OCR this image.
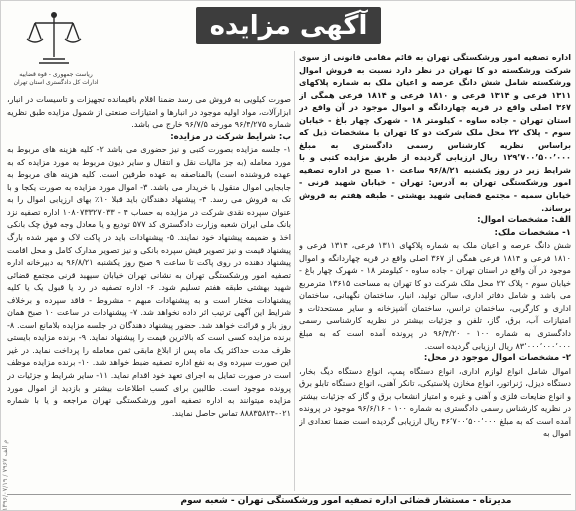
ریاست جمهوری - قوه قضاییه ادارات کل دادگستری استان تهران
آگهی مزایده

اداره تصفیه امور ورشکستگی تهران به قائم مقامی قانونی از سوی شرکت ورشکسته دو کا تهران در نظر دارد نسبت به فروش اموال ورشکسته شامل شش دانگ عرصه و اعیان ملک به شماره پلاکهای ۱۳۱۱ فرعی و ۱۳۱۴ فرعی و ۱۸۱۰ فرعی و ۱۸۱۴ فرعی همگی از ۳۶۷ اصلی واقع در قریه چهاردانگه و اموال موجود در آن واقع در استان تهران - جاده ساوه - کیلومتر ۱۸ - شهرک چهار باغ - خیابان سوم - پلاک ۲۲ محل ملک شرکت دو کا تهران با مشخصات ذیل که براساس نظریه کارشناس رسمی دادگستری به مبلغ ۱۲۹٬۷۰۰٬۵۰۰٬۰۰۰ ریال ارزیابی گردیده از طریق مزایده کتبی و با شرایط زیر در روز یکشنبه ۹۶/۸/۲۱ ساعت ۱۰ صبح در اداره تصفیه امور ورشکستگی تهران به آدرس: تهران - خیابان شهید قرنی - خیابان سمیه - مجتمع قضایی شهید بهشتی - طبقه هفتم به فروش برساند.

الف: مشخصات اموال:

۱- مشخصات ملک:

شش دانگ عرصه و اعیان ملک به شماره پلاکهای ۱۳۱۱ فرعی، ۱۳۱۴ فرعی و ۱۸۱۰ فرعی و ۱۸۱۴ فرعی همگی از ۳۶۷ اصلی واقع در قریه چهاردانگه و اموال موجود در آن واقع در استان تهران - جاده ساوه - کیلومتر ۱۸ - شهرک چهار باغ - خیابان سوم - پلاک ۲۲ محل ملک شرکت دو کا تهران به مساحت ۱۳۶۱۵ مترمربع می باشد و شامل دفاتر اداری، سالن تولید، انبار، ساختمان نگهبانی، ساختمان اداری و کارگربی، ساختمان ترانس، ساختمان آشپزخانه و سایر مستحدثات و امتیازات آب، برق، گاز، تلفن و جزئیات بیشتر در نظریه کارشناسی رسمی دادگستری به شماره ۱۰۰ - ۹۶/۴/۲۰ در پرونده آمده است که به مبلغ ۸۳٬۰۰۰٬۰۰۰٬۰۰۰ ریال ارزیابی گردیده است.

۲- مشخصات اموال موجود در محل:

اموال شامل انواع لوازم اداری، انواع دستگاه پمپ، انواع دستگاه دیگ بخار، دستگاه دیزل، ژنراتور، انواع مخازن پلاستیکی، تانکر آهنی، انواع دستگاه تابلو برق و انواع ضایعات فلزی و آهنی و غیره و امتیاز انشعاب برق و گاز که جزئیات بیشتر در نظریه کارشناس رسمی دادگستری به شماره ۱۰۰ - ۹۶/۶/۱۶ موجود در پرونده آمده است که به مبلغ ۴۶٬۷۰۰٬۵۰۰٬۰۰۰ ریال ارزیابی گردیده است ضمنا تعدادی از اموال به

صورت کیلویی به فروش می رسد ضمنا اقلام باقیمانده تجهیزات و تاسیسات در انبار، ابزارآلات، مواد اولیه موجود در انبارها و امتیازات صنعتی از شمول مزایده طبق نظریه شماره ۹۶/۴/۲۷۵ مورخه ۹۶/۷/۵ خارج می باشد.

ب: شرایط شرکت در مزایده:

۱- جلسه مزایده بصورت کتبی و نیز حضوری می باشد ۲- کلیه هزینه های مربوط به مورد معامله (به جز مالیات نقل و انتقال و سایر دیون مربوط به مورد مزایده که به عهده فروشنده است) بالمناصفه به عهده طرفین است. کلیه هزینه های مربوط به جابجایی اموال منقول با خریدار می باشد. ۳- اموال مورد مزایده به صورت یکجا و با تک به فروش می رسد. ۴- پیشنهاد دهندگان باید قبلا ۱۰٪ بهای ارزیابی اموال را به عنوان سپرده نقدی شرکت در مزایده به حساب ۴ - ۱۰۸۰۷۳۳۲۷۰۳۳ اداره تصفیه نزد بانک ملی ایران شعبه وزارت دادگستری کد ۵۷۷ تودیع و یا معادل وجه فوق چک بانکی اخذ و ضمیمه پیشنهاد خود نمایند. ۵- پیشنهادات باید در پاکت لاک و مهر شده بارگ پیشنهاد قیمت و نیز تصویر فیش سپرده بانکی و نیز تصویر مدارک کامل و محل اقامت پیشنهاد دهنده در روی پاکت تا ساعت ۹ صبح روز یکشنبه ۹۶/۸/۲۱ به دبیرخانه اداره تصفیه امور ورشکستگی تهران به نشانی تهران خیابان سیهبد قرنی مجتمع قضائی شهید بهشتی طبقه هفتم تسلیم شود. ۶- اداره تصفیه در رد یا قبول یک یا کلیه پیشنهادات مختار است و به پیشنهادات مبهم - مشروط - فاقد سپرده و برخلاف شرایط این آگهی ترتیب اثر داده نخواهد شد. ۷- پیشنهادات در ساعت ۱۰ صبح همان روز باز و قرائت خواهد شد. حضور پیشنهاد دهندگان در جلسه مزایده بلامانع است. ۸- برنده مزایده کسی است که بالاترین قیمت را پیشنهاد نماید. ۹- برنده مزایده بایستی ظرف مدت حداکثر یک ماه پس از ابلاغ مابقی ثمن معامله را پرداخت نماید. در غیر این صورت سپرده وی به نفع اداره تصفیه ضبط خواهد شد. ۱۰- برنده مزایده موظف است در صورت تمایل به اجرای تعهد خود اقدام نماید. ۱۱- سایر شرایط و جزئیات در پرونده موجود است. طالبین برای کسب اطلاعات بیشتر و بازدید از اموال مورد مزایده میتوانند به اداره تصفیه امور ورشکستگی تهران مراجعه و یا با شماره ۰۲۱-۸۸۸۳۵۸۲۴ تماس حاصل نمایند.

مدیرتاه - مستشار قضائی اداره تصفیه امور ورشکستگی تهران - شعبه سوم
م الف ۷۹۶۷ / ۱۳۹۶/۰۷/۱۹
